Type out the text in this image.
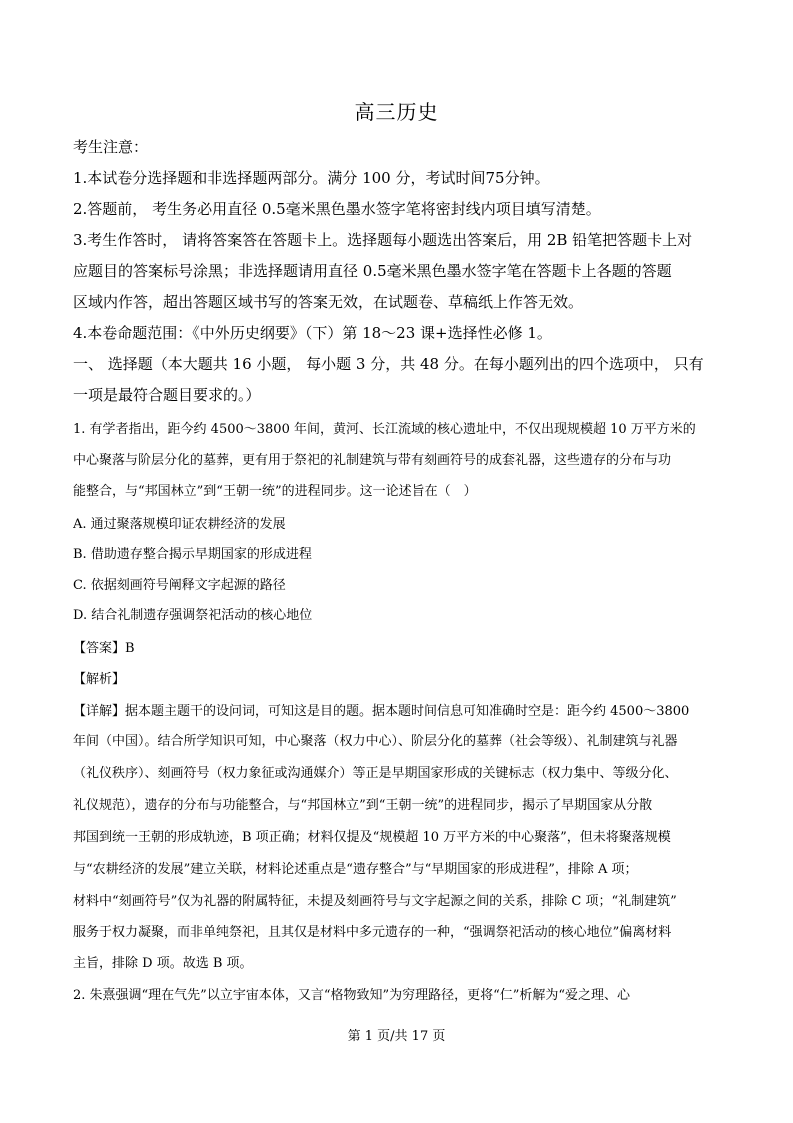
高三历史
考生注意：
1.本试卷分选择题和非选择题两部分。满分 100 分，考试时间75分钟。
2.答题前， 考生务必用直径 0.5毫米黑色墨水签字笔将密封线内项目填写清楚。
3.考生作答时， 请将答案答在答题卡上。选择题每小题选出答案后，用 2B 铅笔把答题卡上对
应题目的答案标号涂黑；非选择题请用直径 0.5毫米黑色墨水签字笔在答题卡上各题的答题
区域内作答，超出答题区域书写的答案无效，在试题卷、草稿纸上作答无效。
4.本卷命题范围：《中外历史纲要》（下）第 18～23 课+选择性必修 1。
一、 选择题（本大题共 16 小题， 每小题 3 分，共 48 分。在每小题列出的四个选项中， 只有
一项是最符合题目要求的。）
1. 有学者指出，距今约 4500～3800 年间，黄河、长江流域的核心遗址中，不仅出现规模超 10 万平方米的
中心聚落与阶层分化的墓葬，更有用于祭祀的礼制建筑与带有刻画符号的成套礼器，这些遗存的分布与功
能整合，与“邦国林立”到“王朝一统”的进程同步。这一论述旨在（　）
A. 通过聚落规模印证农耕经济的发展
B. 借助遗存整合揭示早期国家的形成进程
C. 依据刻画符号阐释文字起源的路径
D. 结合礼制遗存强调祭祀活动的核心地位
【答案】B
【解析】
【详解】据本题主题干的设问词，可知这是目的题。据本题时间信息可知准确时空是：距今约 4500～3800
年间（中国）。结合所学知识可知，中心聚落（权力中心）、阶层分化的墓葬（社会等级）、礼制建筑与礼器
（礼仪秩序）、刻画符号（权力象征或沟通媒介）等正是早期国家形成的关键标志（权力集中、等级分化、
礼仪规范），遗存的分布与功能整合，与“邦国林立”到“王朝一统”的进程同步，揭示了早期国家从分散
邦国到统一王朝的形成轨迹，B 项正确；材料仅提及“规模超 10 万平方米的中心聚落”，但未将聚落规模
与“农耕经济的发展”建立关联，材料论述重点是“遗存整合”与“早期国家的形成进程”，排除 A 项；
材料中“刻画符号”仅为礼器的附属特征，未提及刻画符号与文字起源之间的关系，排除 C 项；“礼制建筑”
服务于权力凝聚，而非单纯祭祀，且其仅是材料中多元遗存的一种，“强调祭祀活动的核心地位”偏离材料
主旨，排除 D 项。故选 B 项。
2. 朱熹强调“理在气先”以立宇宙本体，又言“格物致知”为穷理路径，更将“仁”析解为“爱之理、心
第 1 页/共 17 页
